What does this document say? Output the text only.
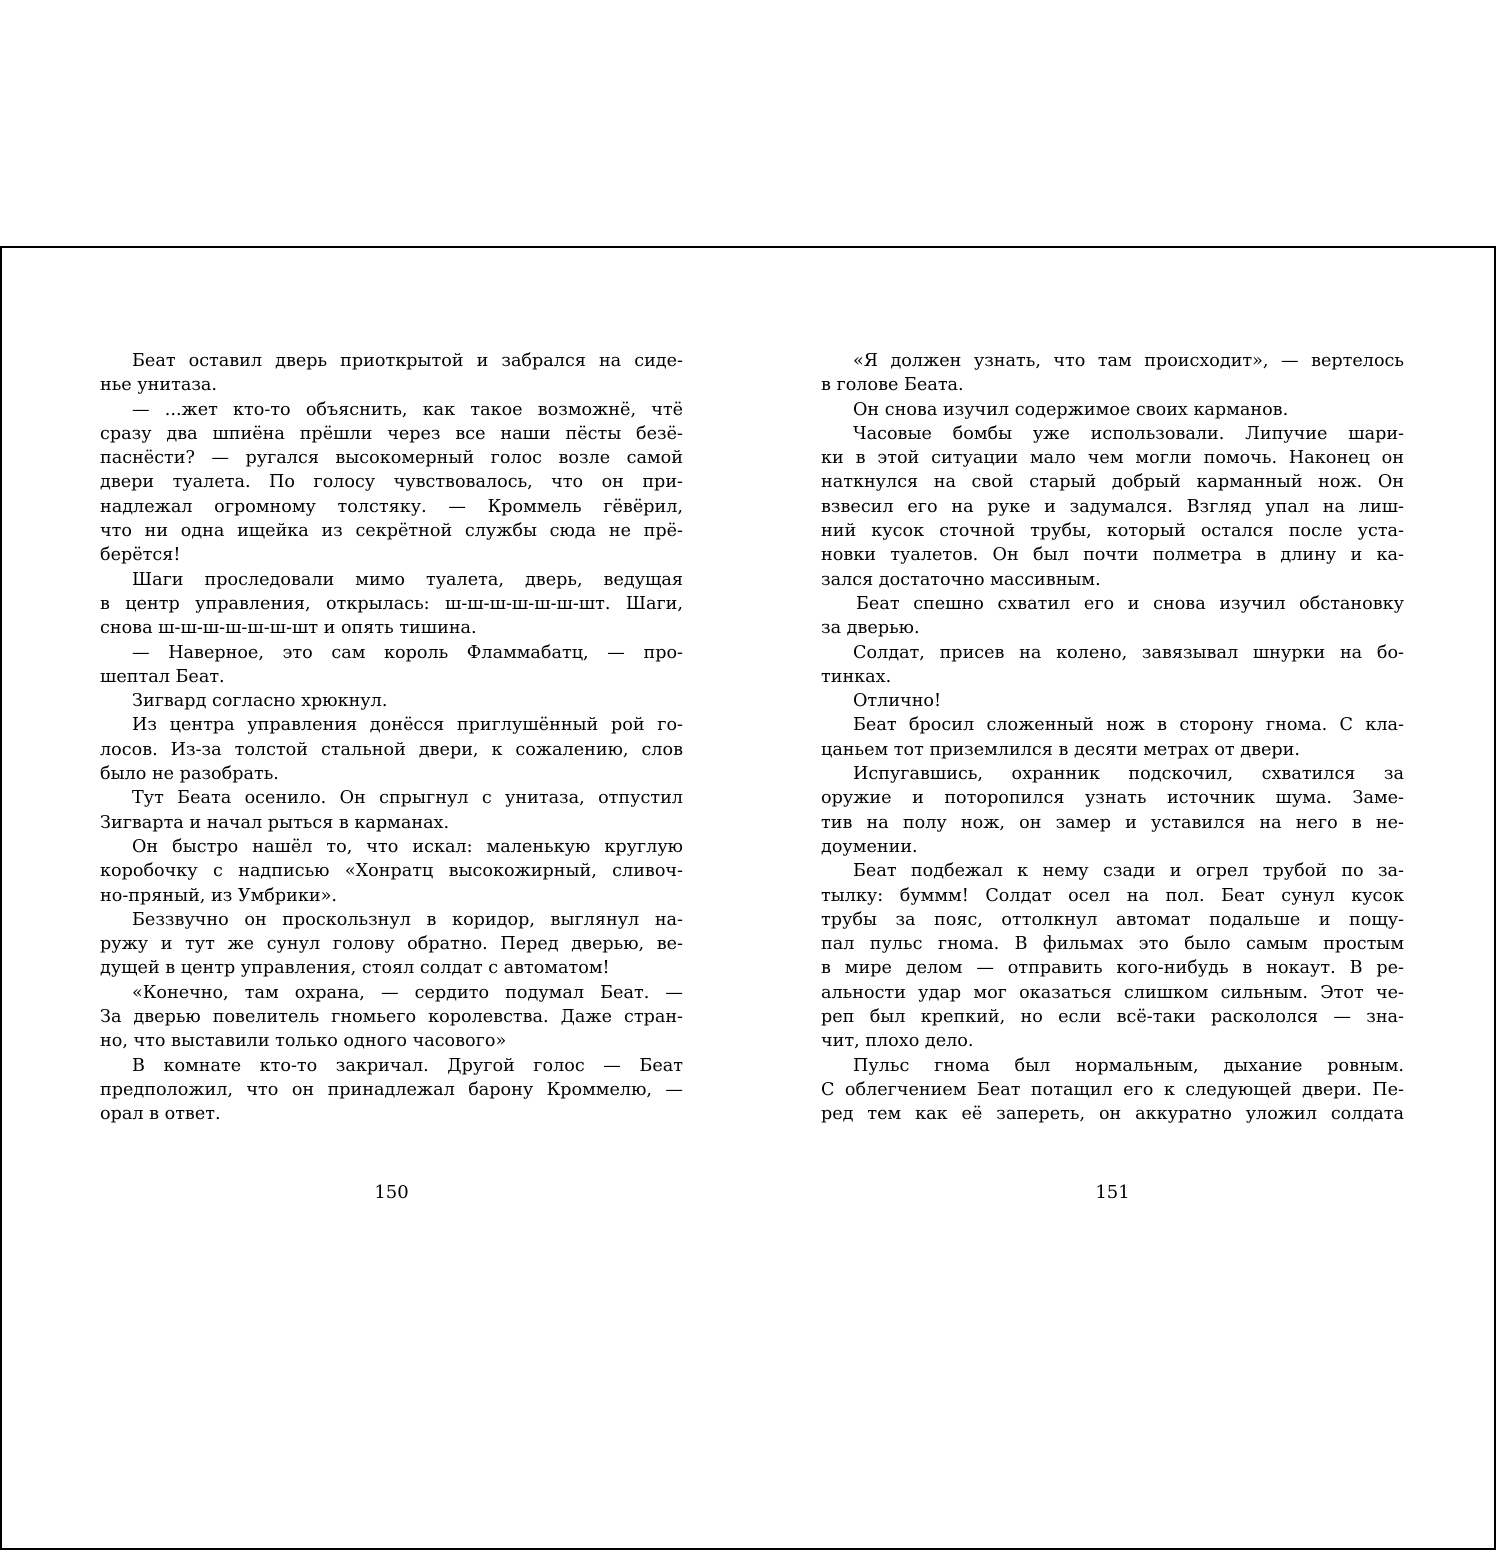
Беат оставил дверь приоткрытой и забрался на сиде-
нье унитаза.
— ...жет кто-то объяснить, как такое возможнё, чтё
сразу два шпиёна прёшли через все наши пёсты безё-
паснёсти? — ругался высокомерный голос возле самой
двери туалета. По голосу чувствовалось, что он при-
надлежал огромному толстяку. — Кроммель гёвёрил,
что ни одна ищейка из секрётной службы сюда не прё-
берётся!
Шаги проследовали мимо туалета, дверь, ведущая
в центр управления, открылась: ш-ш-ш-ш-ш-ш-шт. Шаги,
снова ш-ш-ш-ш-ш-ш-шт и опять тишина.
— Наверное, это сам король Фламмабатц, — про-
шептал Беат.
Зигвард согласно хрюкнул.
Из центра управления донёсся приглушённый рой го-
лосов. Из-за толстой стальной двери, к сожалению, слов
было не разобрать.
Тут Беата осенило. Он спрыгнул с унитаза, отпустил
Зигварта и начал рыться в карманах.
Он быстро нашёл то, что искал: маленькую круглую
коробочку с надписью «Хонратц высокожирный, сливоч-
но-пряный, из Умбрики».
Беззвучно он проскользнул в коридор, выглянул на-
ружу и тут же сунул голову обратно. Перед дверью, ве-
дущей в центр управления, стоял солдат с автоматом!
«Конечно, там охрана, — сердито подумал Беат. —
За дверью повелитель гномьего королевства. Даже стран-
но, что выставили только одного часового»
В комнате кто-то закричал. Другой голос — Беат
предположил, что он принадлежал барону Кроммелю, —
орал в ответ.
«Я должен узнать, что там происходит», — вертелось
в голове Беата.
Он снова изучил содержимое своих карманов.
Часовые бомбы уже использовали. Липучие шари-
ки в этой ситуации мало чем могли помочь. Наконец он
наткнулся на свой старый добрый карманный нож. Он
взвесил его на руке и задумался. Взгляд упал на лиш-
ний кусок сточной трубы, который остался после уста-
новки туалетов. Он был почти полметра в длину и ка-
зался достаточно массивным.
Беат спешно схватил его и снова изучил обстановку
за дверью.
Солдат, присев на колено, завязывал шнурки на бо-
тинках.
Отлично!
Беат бросил сложенный нож в сторону гнома. С кла-
цаньем тот приземлился в десяти метрах от двери.
Испугавшись, охранник подскочил, схватился за
оружие и поторопился узнать источник шума. Заме-
тив на полу нож, он замер и уставился на него в не-
доумении.
Беат подбежал к нему сзади и огрел трубой по за-
тылку: буммм! Солдат осел на пол. Беат сунул кусок
трубы за пояс, оттолкнул автомат подальше и пощу-
пал пульс гнома. В фильмах это было самым простым
в мире делом — отправить кого-нибудь в нокаут. В ре-
альности удар мог оказаться слишком сильным. Этот че-
реп был крепкий, но если всё-таки раскололся — зна-
чит, плохо дело.
Пульс гнома был нормальным, дыхание ровным.
С облегчением Беат потащил его к следующей двери. Пе-
ред тем как её запереть, он аккуратно уложил солдата
150	151
